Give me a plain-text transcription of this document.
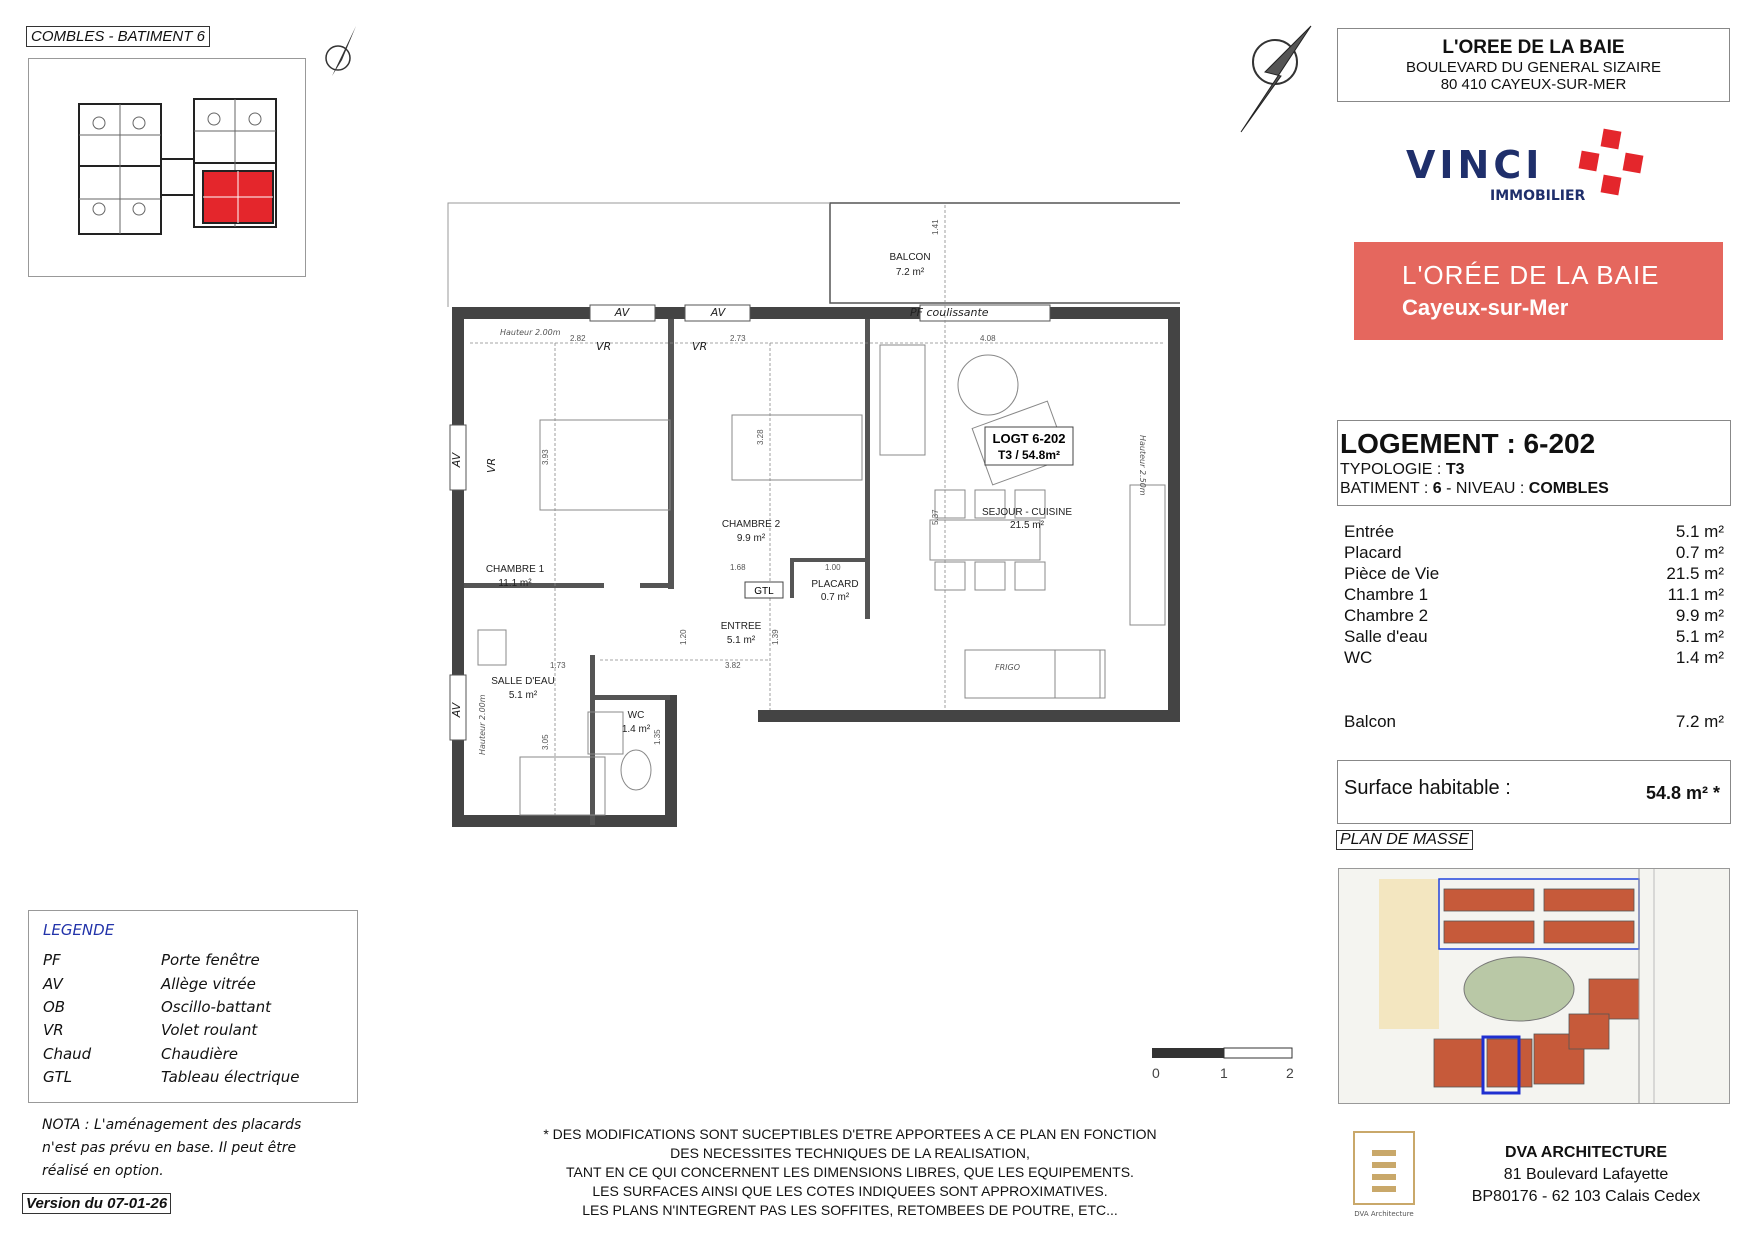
COMBLES - BATIMENT 6
L'OREE DE LA BAIE
BOULEVARD DU GENERAL SIZAIRE
80 410 CAYEUX-SUR-MER
VINCI
IMMOBILIER
L'ORÉE DE LA BAIE
Cayeux-sur-Mer
LOGEMENT : 6-202
TYPOLOGIE : T3
BATIMENT : 6 - NIVEAU : COMBLES
Entrée	5.1 m²
Placard	0.7 m²
Pièce de Vie	21.5 m²
Chambre 1	11.1 m²
Chambre 2	9.9 m²
Salle d'eau	5.1 m²
WC	1.4 m²
Balcon	7.2 m²
Surface habitable :	54.8 m² *
PLAN DE MASSE
BALCON
7.2 m²
CHAMBRE 1
11.1 m²
CHAMBRE 2
9.9 m²
SEJOUR - CUISINE
21.5 m²
PLACARD
0.7 m²
ENTREE
5.1 m²
SALLE D'EAU
5.1 m²
WC
1.4 m²
LOGT 6-202
T3 / 54.8m²
AV	AV	PF coulissante
VR	VR
AV
AV
VR
Hauteur 2.00m
Hauteur 2.50m
Hauteur 2.00m
FRIGO
GTL
1.41
4.08
5.37
3.93
3.28
2.82	2.73
1.68	1.00
1.20
1.73	3.82
1.39
3.05	1.35
LEGENDE
PF	Porte fenêtre
AV	Allège vitrée
OB	Oscillo-battant
VR	Volet roulant
Chaud	Chaudière
GTL	Tableau électrique
NOTA : L'aménagement des placards n'est pas prévu en base. Il peut être réalisé en option.
Version du 07-01-26
* DES MODIFICATIONS SONT SUCEPTIBLES D'ETRE APPORTEES A CE PLAN EN FONCTION
DES NECESSITES TECHNIQUES DE LA REALISATION,
TANT EN CE QUI CONCERNENT LES DIMENSIONS LIBRES, QUE LES EQUIPEMENTS.
LES SURFACES AINSI QUE LES COTES INDIQUEES SONT APPROXIMATIVES.
LES PLANS N'INTEGRENT PAS LES SOFFITES, RETOMBEES DE POUTRE, ETC...
0	1	2
DVA Architecture
DVA ARCHITECTURE
81 Boulevard Lafayette
BP80176 - 62 103 Calais Cedex
